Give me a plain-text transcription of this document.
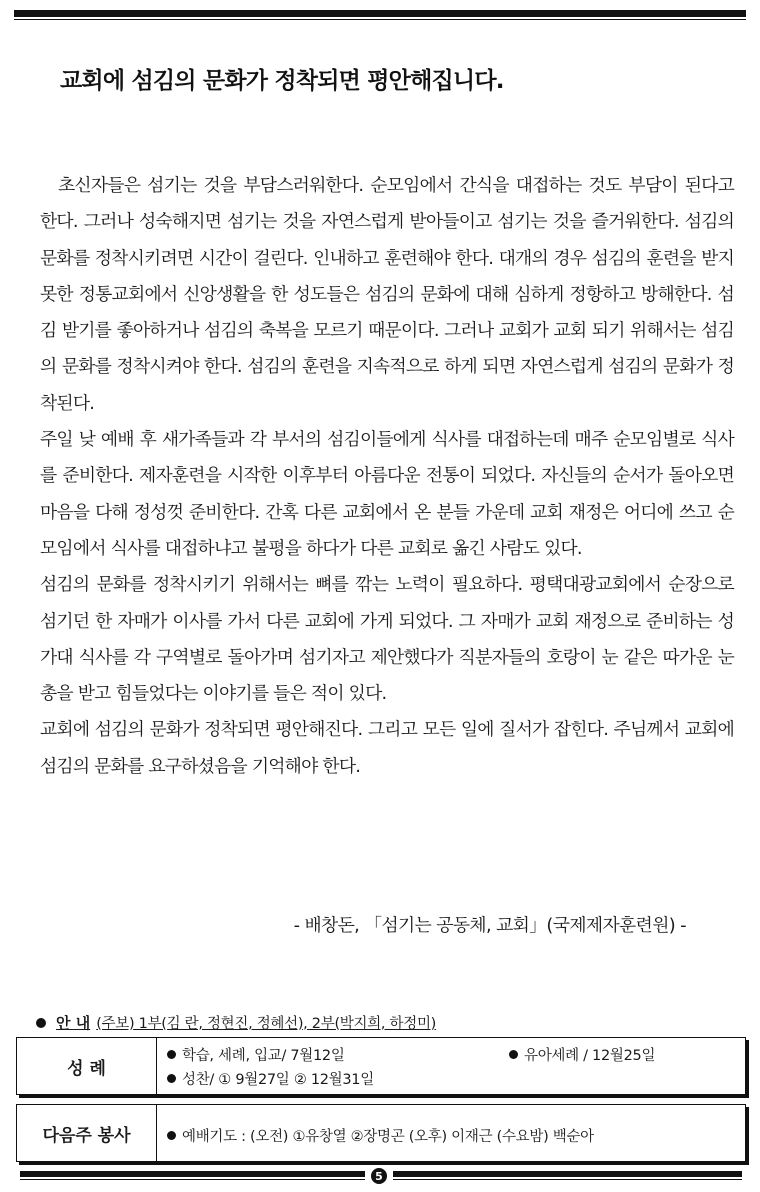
교회에 섬김의 문화가 정착되면 평안해집니다.

초신자들은 섬기는 것을 부담스러워한다. 순모임에서 간식을 대접하는 것도 부담이 된다고 한다. 그러나 성숙해지면 섬기는 것을 자연스럽게 받아들이고 섬기는 것을 즐거워한다. 섬김의 문화를 정착시키려면 시간이 걸린다. 인내하고 훈련해야 한다. 대개의 경우 섬김의 훈련을 받지 못한 정통교회에서 신앙생활을 한 성도들은 섬김의 문화에 대해 심하게 정항하고 방해한다. 섬김 받기를 좋아하거나 섬김의 축복을 모르기 때문이다. 그러나 교회가 교회 되기 위해서는 섬김의 문화를 정착시켜야 한다. 섬김의 훈련을 지속적으로 하게 되면 자연스럽게 섬김의 문화가 정착된다.

주일 낮 예배 후 새가족들과 각 부서의 섬김이들에게 식사를 대접하는데 매주 순모임별로 식사를 준비한다. 제자훈련을 시작한 이후부터 아름다운 전통이 되었다. 자신들의 순서가 돌아오면 마음을 다해 정성껏 준비한다. 간혹 다른 교회에서 온 분들 가운데 교회 재정은 어디에 쓰고 순모임에서 식사를 대접하냐고 불평을 하다가 다른 교회로 옮긴 사람도 있다.

섬김의 문화를 정착시키기 위해서는 뼈를 깎는 노력이 필요하다. 평택대광교회에서 순장으로 섬기던 한 자매가 이사를 가서 다른 교회에 가게 되었다. 그 자매가 교회 재정으로 준비하는 성가대 식사를 각 구역별로 돌아가며 섬기자고 제안했다가 직분자들의 호랑이 눈 같은 따가운 눈총을 받고 힘들었다는 이야기를 들은 적이 있다.

교회에 섬김의 문화가 정착되면 평안해진다. 그리고 모든 일에 질서가 잡힌다. 주님께서 교회에 섬김의 문화를 요구하셨음을 기억해야 한다.

- 배창돈, 「섬기는 공동체, 교회」(국제제자훈련원) -
안 내 (주보) 1부(김 란, 정현진, 정혜선), 2부(박지희, 하정미)
성 례
학습, 세례, 입교/ 7월12일	유아세례 / 12월25일
성찬/ ① 9월27일 ② 12월31일
다음주 봉사	예배기도 : (오전) ①유창열 ②장명곤 (오후) 이재근 (수요밤) 백순아
5
